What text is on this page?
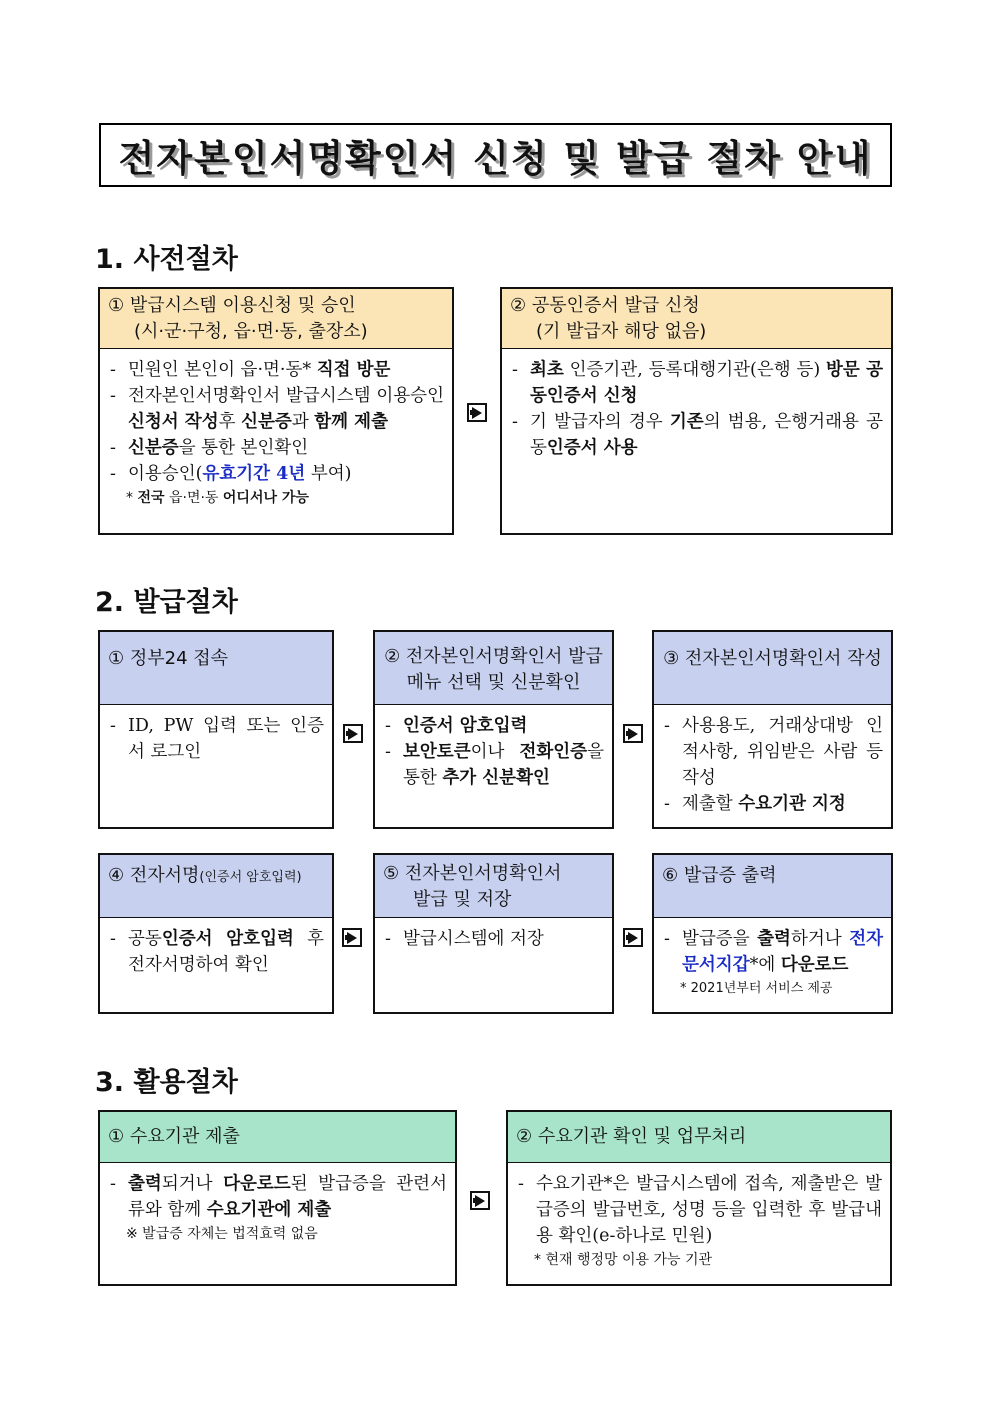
전자본인서명확인서 신청 및 발급 절차 안내
1. 사전절차
① 발급시스템 이용신청 및 승인
(시·군·구청, 읍·면·동, 출장소)
- 민원인 본인이 읍·면·동* 직접 방문
- 전자본인서명확인서 발급시스템 이용승인 신청서 작성후 신분증과 함께 제출
- 신분증을 통한 본인확인
- 이용승인(유효기간 4년 부여)
* 전국 읍·면·동 어디서나 가능
② 공동인증서 발급 신청
(기 발급자 해당 없음)
- 최초 인증기관, 등록대행기관(은행 등) 방문 공동인증서 신청
- 기 발급자의 경우 기존의 범용, 은행거래용 공동인증서 사용
2. 발급절차
① 정부24 접속
- ID, PW 입력 또는 인증서 로그인
② 전자본인서명확인서 발급
메뉴 선택 및 신분확인
- 인증서 암호입력
- 보안토큰이나 전화인증을 통한 추가 신분확인
③ 전자본인서명확인서 작성
- 사용용도, 거래상대방 인적사항, 위임받은 사람 등 작성
- 제출할 수요기관 지정
④ 전자서명(인증서 암호입력)
- 공동인증서 암호입력 후 전자서명하여 확인
⑤ 전자본인서명확인서
발급 및 저장
- 발급시스템에 저장
⑥ 발급증 출력
- 발급증을 출력하거나 전자문서지갑*에 다운로드
* 2021년부터 서비스 제공
3. 활용절차
① 수요기관 제출
- 출력되거나 다운로드된 발급증을 관련서류와 함께 수요기관에 제출
※ 발급증 자체는 법적효력 없음
② 수요기관 확인 및 업무처리
- 수요기관*은 발급시스템에 접속, 제출받은 발급증의 발급번호, 성명 등을 입력한 후 발급내용 확인(e-하나로 민원)
* 현재 행정망 이용 가능 기관
